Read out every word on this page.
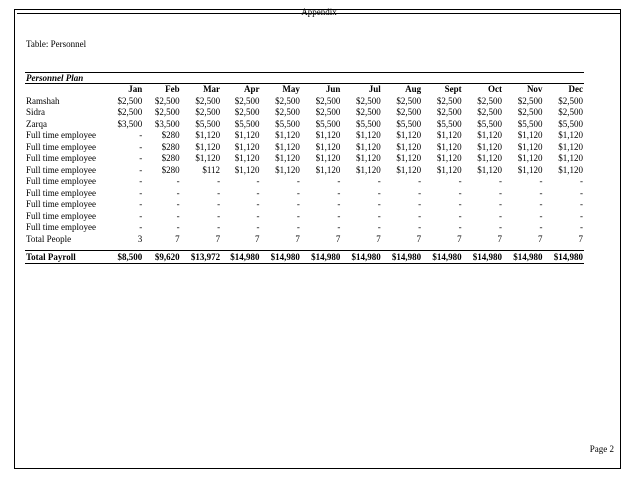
Appendix
Table: Personnel
Personnel Plan												
	Jan	Feb	Mar	Apr	May	Jun	Jul	Aug	Sept	Oct	Nov	Dec
Ramshah	$2,500	$2,500	$2,500	$2,500	$2,500	$2,500	$2,500	$2,500	$2,500	$2,500	$2,500	$2,500
Sidra	$2,500	$2,500	$2,500	$2,500	$2,500	$2,500	$2,500	$2,500	$2,500	$2,500	$2,500	$2,500
Zarqa	$3,500	$3,500	$5,500	$5,500	$5,500	$5,500	$5,500	$5,500	$5,500	$5,500	$5,500	$5,500
Full time employee	-	$280	$1,120	$1,120	$1,120	$1,120	$1,120	$1,120	$1,120	$1,120	$1,120	$1,120
Full time employee	-	$280	$1,120	$1,120	$1,120	$1,120	$1,120	$1,120	$1,120	$1,120	$1,120	$1,120
Full time employee	-	$280	$1,120	$1,120	$1,120	$1,120	$1,120	$1,120	$1,120	$1,120	$1,120	$1,120
Full time employee	-	$280	$112	$1,120	$1,120	$1,120	$1,120	$1,120	$1,120	$1,120	$1,120	$1,120
Full time employee	-	-	-	-	-	-	-	-	-	-	-	-
Full time employee	-	-	-	-	-	-	-	-	-	-	-	-
Full time employee	-	-	-	-	-	-	-	-	-	-	-	-
Full time employee	-	-	-	-	-	-	-	-	-	-	-	-
Full time employee	-	-	-	-	-	-	-	-	-	-	-	-
Total People	3	7	7	7	7	7	7	7	7	7	7	7

Total Payroll	$8,500	$9,620	$13,972	$14,980	$14,980	$14,980	$14,980	$14,980	$14,980	$14,980	$14,980	$14,980
Page 2
